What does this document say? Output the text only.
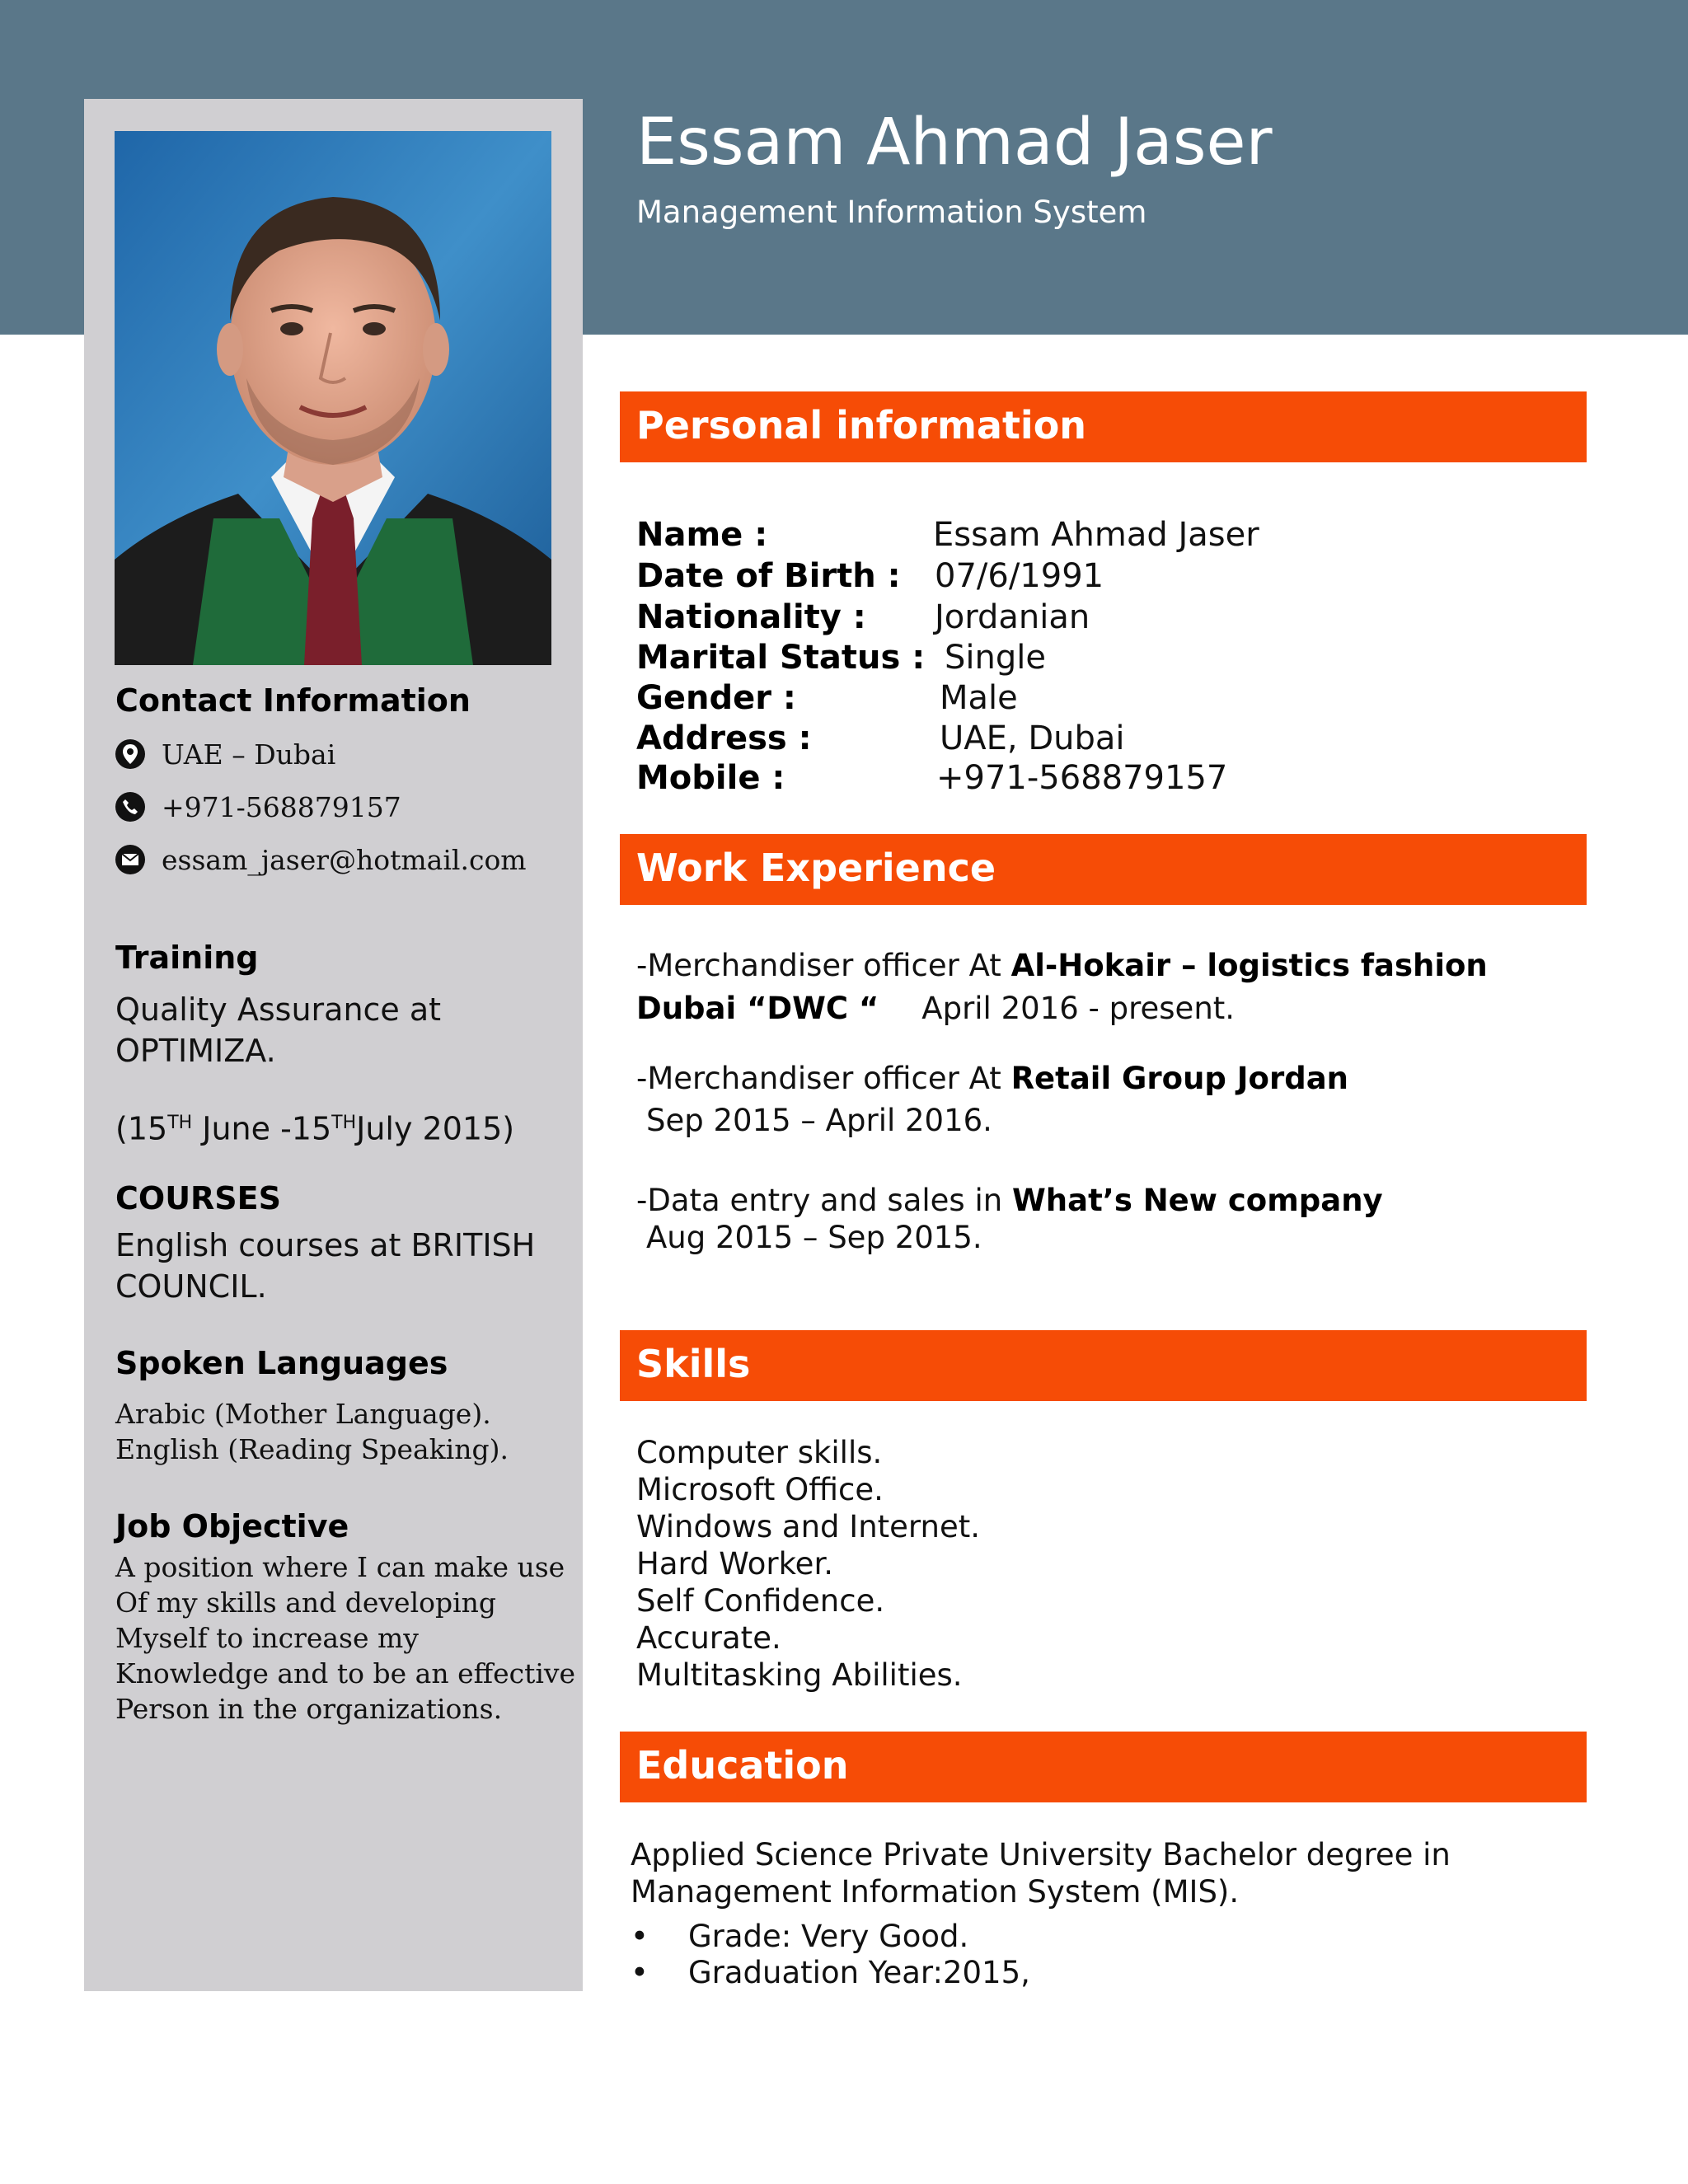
Essam Ahmad Jaser
Management Information System
Contact Information
UAE – Dubai
+971-568879157
essam_jaser@hotmail.com
Training
Quality Assurance at
OPTIMIZA.
(15TH June -15THJuly 2015)
COURSES
English courses at BRITISH
COUNCIL.
Spoken Languages
Arabic (Mother Language).
English (Reading Speaking).
Job Objective
A position where I can make use
Of my skills and developing
Myself to increase my
Knowledge and to be an effective
Person in the organizations.
Personal information
Name :	Essam Ahmad Jaser
Date of Birth : 07/6/1991
Nationality : Jordanian
Marital Status : Single
Gender :	Male
Address :	UAE, Dubai
Mobile :	+971-568879157
Work Experience
-Merchandiser officer At Al-Hokair – logistics fashion
Dubai “DWC “ April 2016 - present.
-Merchandiser officer At Retail Group Jordan
Sep 2015 – April 2016.
-Data entry and sales in What’s New company
Aug 2015 – Sep 2015.
Skills
Computer skills.
Microsoft Office.
Windows and Internet.
Hard Worker.
Self Confidence.
Accurate.
Multitasking Abilities.
Education
Applied Science Private University Bachelor degree in
Management Information System (MIS).
• Grade: Very Good.
• Graduation Year:2015,
